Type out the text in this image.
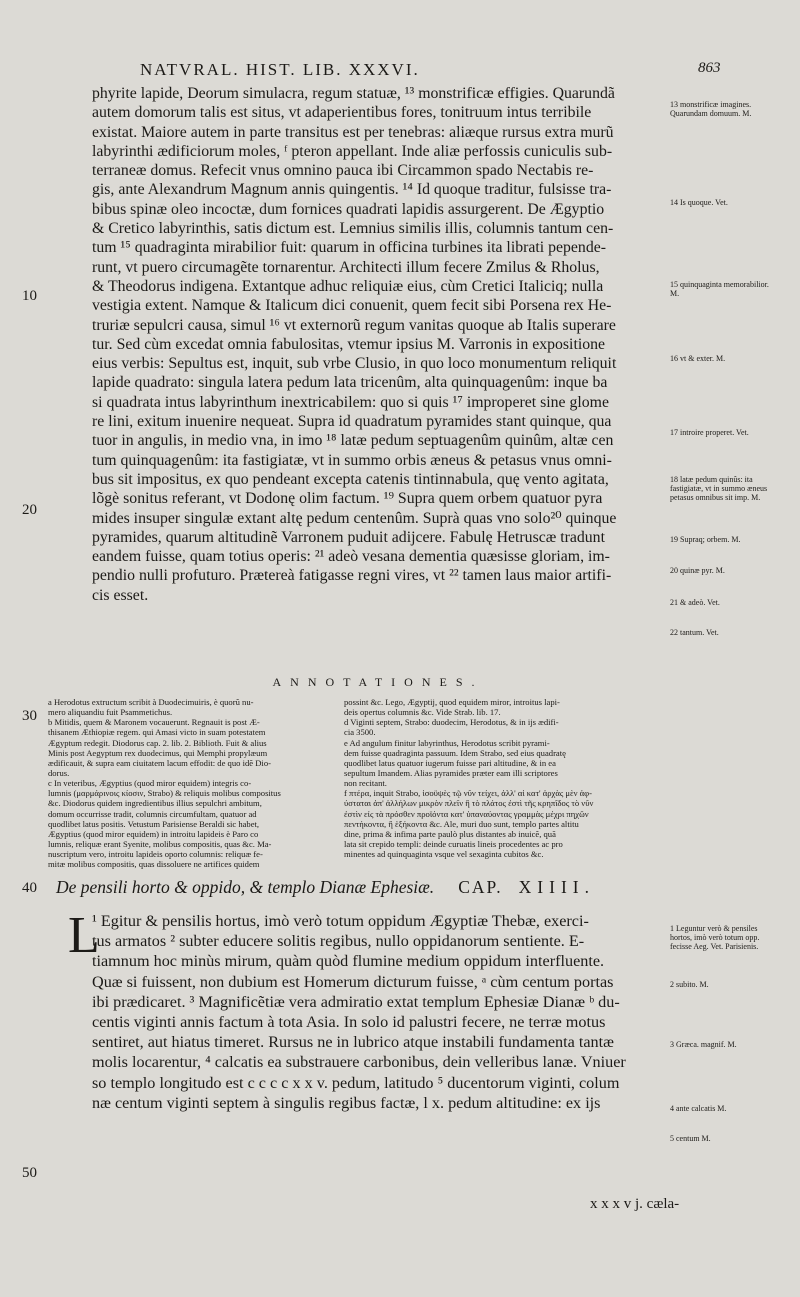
NATVRAL. HIST. LIB. XXXVI.	863
10
20
30
40
50
phyrite lapide, Deorum simulacra, regum statuæ, ¹³ monstrificæ effigies. Quarundã
autem domorum talis est situs, vt adaperientibus fores, tonitruum intus terribile
existat. Maiore autem in parte transitus est per tenebras: aliæque rursus extra murũ
labyrinthi ædificiorum moles, ᶠ pteron appellant. Inde aliæ perfossis cuniculis sub-
terraneæ domus. Refecit vnus omnino pauca ibi Circammon spado Nectabis re-
gis, ante Alexandrum Magnum annis quingentis. ¹⁴ Id quoque traditur, fulsisse tra-
bibus spinæ oleo incoctæ, dum fornices quadrati lapidis assurgerent. De Ægyptio
& Cretico labyrinthis, satis dictum est. Lemnius similis illis, columnis tantum cen-
tum ¹⁵ quadraginta mirabilior fuit: quarum in officina turbines ita librati pepende-
runt, vt puero circumagẽte tornarentur. Architecti illum fecere Zmilus & Rholus,
& Theodorus indigena. Extantque adhuc reliquiæ eius, cùm Cretici Italiciq; nulla
vestigia extent. Namque & Italicum dici conuenit, quem fecit sibi Porsena rex He-
truriæ sepulcri causa, simul ¹⁶ vt externorũ regum vanitas quoque ab Italis superare
tur. Sed cùm excedat omnia fabulositas, vtemur ipsius M. Varronis in expositione
eius verbis: Sepultus est, inquit, sub vrbe Clusio, in quo loco monumentum reliquit
lapide quadrato: singula latera pedum lata tricenûm, alta quinquagenûm: inque ba
si quadrata intus labyrinthum inextricabilem: quo si quis ¹⁷ improperet sine glome
re lini, exitum inuenire nequeat. Supra id quadratum pyramides stant quinque, qua
tuor in angulis, in medio vna, in imo ¹⁸ latæ pedum septuagenûm quinûm, altæ cen
tum quinquagenûm: ita fastigiatæ, vt in summo orbis æneus & petasus vnus omni-
bus sit impositus, ex quo pendeant excepta catenis tintinnabula, quę vento agitata,
lõgè sonitus referant, vt Dodonę olim factum. ¹⁹ Supra quem orbem quatuor pyra
mides insuper singulæ extant altę pedum centenûm. Suprà quas vno solo²⁰ quinque
pyramides, quarum altitudinẽ Varronem puduit adijcere. Fabulę Hetruscæ tradunt
eandem fuisse, quam totius operis: ²¹ adeò vesana dementia quæsisse gloriam, im-
pendio nulli profuturo. Prætereà fatigasse regni vires, vt ²² tamen laus maior artifi-
cis esset.
13 monstrificæ imagines. Quarundam domuum. M.
14 Is quoque. Vet.
15 quinquaginta memorabilior. M.
16 vt & exter. M.
17 introire properet. Vet.
18 latæ pedum quinûs: ita fastigiatæ, vt in summo æneus petasus omnibus sit imp. M.
19 Supraq; orbem. M.
20 quinæ pyr. M.
21 & adeò. Vet.
22 tantum. Vet.
ANNOTATIONES.
a Herodotus extructum scribit à Duodecimuiris, è quorũ nu-
mero aliquandiu fuit Psammetichus.
b Mitidis, quem & Maronem vocauerunt. Regnauit is post Æ-
thisanem Æthiopiæ regem. qui Amasi victo in suam potestatem
Ægyptum redegit. Diodorus cap. 2. lib. 2. Biblioth. Fuit & alius
Minis post Aegyptum rex duodecimus, qui Memphi propylæum
ædificauit, & supra eam ciuitatem lacum effodit: de quo idẽ Dio-
dorus.
c In veteribus, Ægyptius (quod miror equidem) integris co-
lumnis (μαρμάρινοις κίοσιν, Strabo) & reliquis molibus compositus
&c. Diodorus quidem ingredientibus illius sepulchri ambitum,
domum occurrisse tradit, columnis circumfultam, quatuor ad
quodlibet latus positis. Vetustum Parisiense Beraldi sic habet,
Ægyptius (quod miror equidem) in introitu lapideis è Paro co
lumnis, reliquæ erant Syenite, molibus compositis, quas &c. Ma-
nuscriptum vero, introitu lapideis oporto columnis: reliquæ fe-
mitæ molibus compositis, quas dissoluere ne artifices quidem
possint &c. Lego, Ægyptij, quod equidem miror, introitus lapi-
deis opertus columnis &c. Vide Strab. lib. 17.
d Viginti septem, Strabo: duodecim, Herodotus, & in ijs ædifi-
cia 3500.
e Ad angulum finitur labyrinthus, Herodotus scribit pyrami-
dem fuisse quadraginta passuum. Idem Strabo, sed eius quadratę
quodlibet latus quatuor iugerum fuisse pari altitudine, & in ea
sepultum Imandem. Alias pyramides præter eam illi scriptores
non recitant.
f πτέρα, inquit Strabo, ἰσοϋψὲς τῷ νῦν τείχει, ἀλλ' αἱ κατ' ἀρχὰς μὲν ἀφ-
ύσταται ἀπ' ἀλλήλων μικρὸν πλεῖν ἢ τὸ πλάτος ἐστὶ τῆς κρηπῖδος τὸ νῦν
ἐστὶν εἰς τὰ πρόσθεν προϊόντα κατ' ὑπαναύοντας γραμμὰς μέχρι πηχῶν
πεντήκοντα, ἢ ἑξήκοντα &c. Ale, muri duo sunt, templo partes altitu
dine, prima & infima parte paulò plus distantes ab inuicẽ, quã
lata sit crepido templi: deinde curuatis lineis procedentes ac pro
minentes ad quinquaginta vsque vel sexaginta cubitos &c.
De pensili horto & oppido, & templo Dianæ Ephesiæ. CAP. XIIII.
L
¹ Egitur & pensilis hortus, imò verò totum oppidum Ægyptiæ Thebæ, exerci-
tus armatos ² subter educere solitis regibus, nullo oppidanorum sentiente. E-
tiamnum hoc minùs mirum, quàm quòd flumine medium oppidum interfluente.
Quæ si fuissent, non dubium est Homerum dicturum fuisse, ᵃ cùm centum portas
ibi prædicaret. ³ Magnificẽtiæ vera admiratio extat templum Ephesiæ Dianæ ᵇ du-
centis viginti annis factum à tota Asia. In solo id palustri fecere, ne terræ motus
sentiret, aut hiatus timeret. Rursus ne in lubrico atque instabili fundamenta tantæ
molis locarentur, ⁴ calcatis ea substrauere carbonibus, dein velleribus lanæ. Vniuer
so templo longitudo est c c c c x x v. pedum, latitudo ⁵ ducentorum viginti, colum
næ centum viginti septem à singulis regibus factæ, l x. pedum altitudine: ex ijs
x x x v j. cæla-
1 Leguntur verò & pensiles hortos, imò verò totum opp. fecisse Aeg. Vet. Parisienis.
2 subito. M.
3 Græca. magnif. M.
4 ante calcatis M.
5 centum M.
